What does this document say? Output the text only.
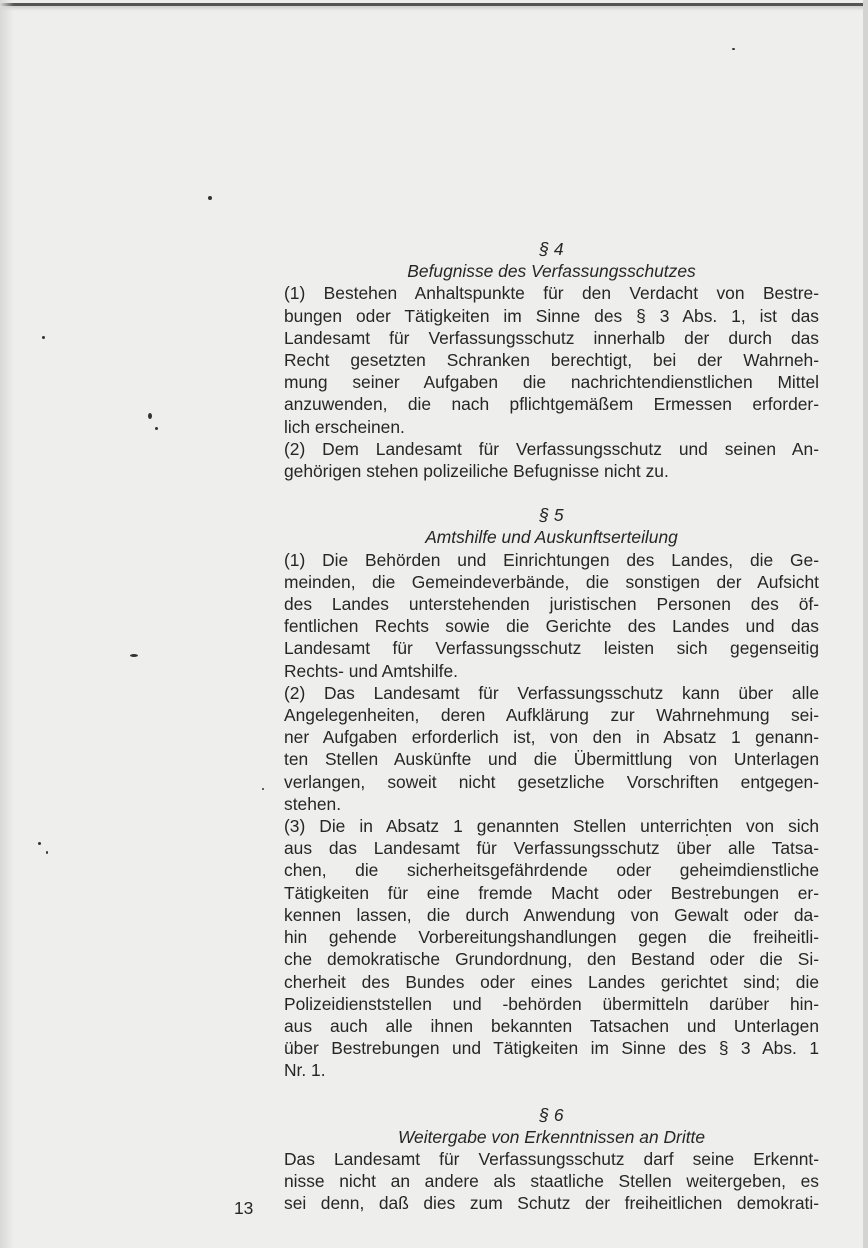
§ 4

Befugnisse des Verfassungsschutzes

(1) Bestehen Anhaltspunkte für den Verdacht von Bestre-
bungen oder Tätigkeiten im Sinne des § 3 Abs. 1, ist das
Landesamt für Verfassungsschutz innerhalb der durch das
Recht gesetzten Schranken berechtigt, bei der Wahrneh-
mung seiner Aufgaben die nachrichtendienstlichen Mittel
anzuwenden, die nach pflichtgemäßem Ermessen erforder-
lich erscheinen.
(2) Dem Landesamt für Verfassungsschutz und seinen An-
gehörigen stehen polizeiliche Befugnisse nicht zu.

§ 5

Amtshilfe und Auskunftserteilung

(1) Die Behörden und Einrichtungen des Landes, die Ge-
meinden, die Gemeindeverbände, die sonstigen der Aufsicht
des Landes unterstehenden juristischen Personen des öf-
fentlichen Rechts sowie die Gerichte des Landes und das
Landesamt für Verfassungsschutz leisten sich gegenseitig
Rechts- und Amtshilfe.
(2) Das Landesamt für Verfassungsschutz kann über alle
Angelegenheiten, deren Aufklärung zur Wahrnehmung sei-
ner Aufgaben erforderlich ist, von den in Absatz 1 genann-
ten Stellen Auskünfte und die Übermittlung von Unterlagen
verlangen, soweit nicht gesetzliche Vorschriften entgegen-
stehen.
(3) Die in Absatz 1 genannten Stellen unterrichten von sich
aus das Landesamt für Verfassungsschutz über alle Tatsa-
chen, die sicherheitsgefährdende oder geheimdienstliche
Tätigkeiten für eine fremde Macht oder Bestrebungen er-
kennen lassen, die durch Anwendung von Gewalt oder da-
hin gehende Vorbereitungshandlungen gegen die freiheitli-
che demokratische Grundordnung, den Bestand oder die Si-
cherheit des Bundes oder eines Landes gerichtet sind; die
Polizeidienststellen und -behörden übermitteln darüber hin-
aus auch alle ihnen bekannten Tatsachen und Unterlagen
über Bestrebungen und Tätigkeiten im Sinne des § 3 Abs. 1
Nr. 1.

§ 6

Weitergabe von Erkenntnissen an Dritte

Das Landesamt für Verfassungsschutz darf seine Erkennt-
nisse nicht an andere als staatliche Stellen weitergeben, es
sei denn, daß dies zum Schutz der freiheitlichen demokrati-
13
